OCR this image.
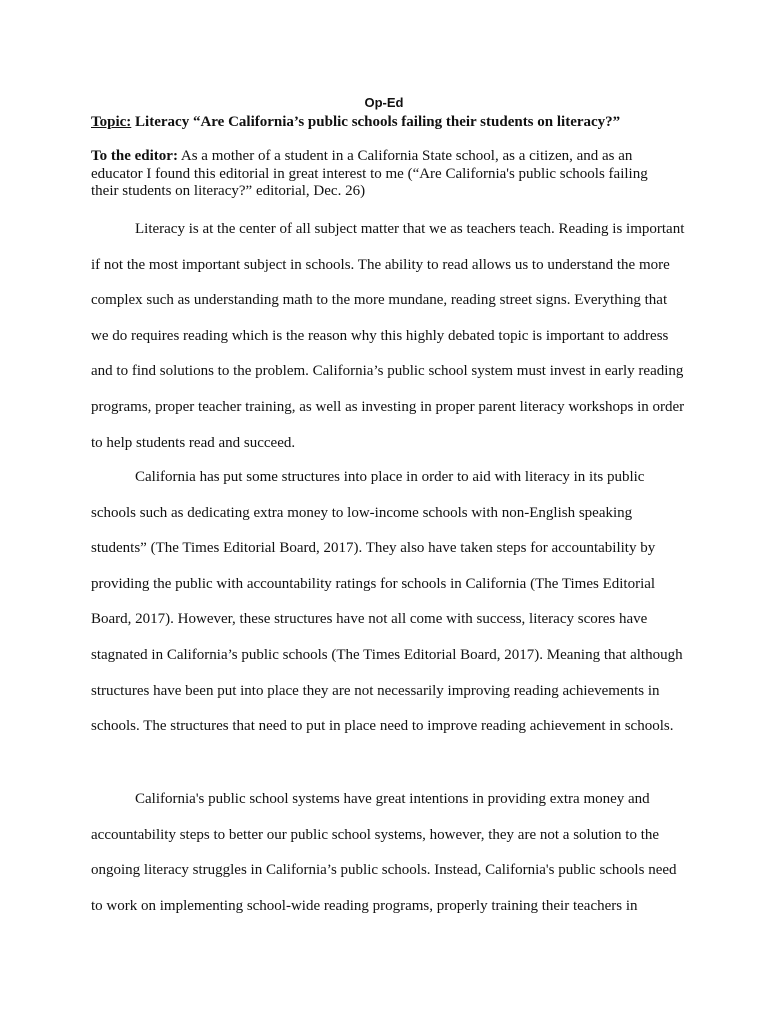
Op-Ed
Topic: Literacy “Are California’s public schools failing their students on literacy?”
To the editor: As a mother of a student in a California State school, as a citizen, and as an educator I found this editorial in great interest to me (“Are California's public schools failing their students on literacy?” editorial, Dec. 26)

Literacy is at the center of all subject matter that we as teachers teach. Reading is important if not the most important subject in schools. The ability to read allows us to understand the more complex such as understanding math to the more mundane, reading street signs. Everything that we do requires reading which is the reason why this highly debated topic is important to address and to find solutions to the problem. California’s public school system must invest in early reading programs, proper teacher training, as well as investing in proper parent literacy workshops in order to help students read and succeed.

California has put some structures into place in order to aid with literacy in its public schools such as dedicating extra money to low-income schools with non-English speaking students” (The Times Editorial Board, 2017). They also have taken steps for accountability by providing the public with accountability ratings for schools in California (The Times Editorial Board, 2017). However, these structures have not all come with success, literacy scores have stagnated in California’s public schools (The Times Editorial Board, 2017). Meaning that although structures have been put into place they are not necessarily improving reading achievements in schools. The structures that need to put in place need to improve reading achievement in schools.

California's public school systems have great intentions in providing extra money and accountability steps to better our public school systems, however, they are not a solution to the ongoing literacy struggles in California’s public schools. Instead, California's public schools need to work on implementing school-wide reading programs, properly training their teachers in
